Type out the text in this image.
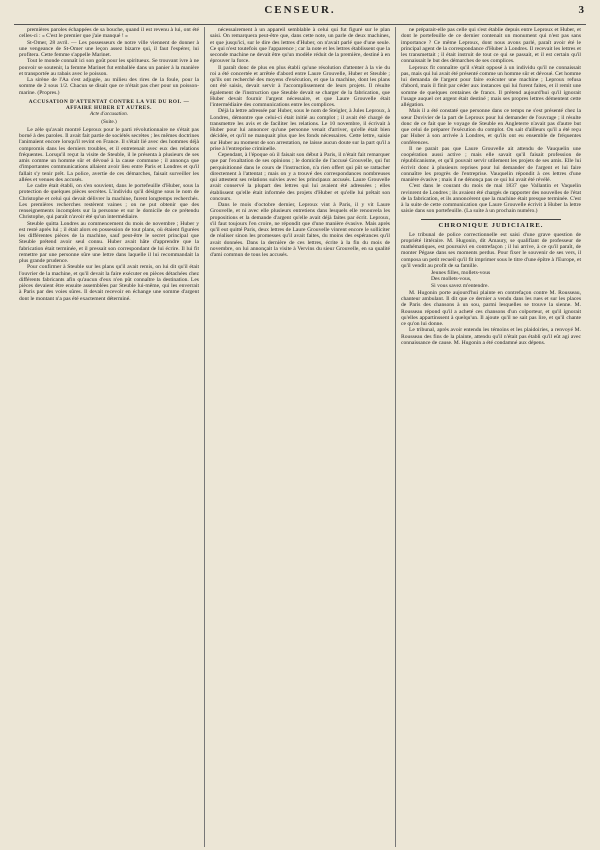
CENSEUR.	3

premières paroles échappées de sa bouche, quand il est revenu à lui, ont été celles-ci : « C'est le premier que j'aie manqué ! »

St-Omer, 28 avril. — Les possesseurs de notre ville viennent de donner à une vengeance de St-Omer une leçon assez bizarre qui, il faut l'espérer, lui profitera. Cette femme s'appelle Marinet.

Tout le monde connaît ici son goût pour les spiritueux. Se trouvant ivre à ne pouvoir se soutenir, la femme Marinet fut emballée dans un panier à la manière et transportée au rabais avec le poisson.

La sirène de l'Aa s'est adjugée, au milieu des rires de la foule, pour la somme de 2 sous 1/2. Chacun se disait que ce n'était pas cher pour un poisson-marine. (Propres.)

ACCUSATION D'ATTENTAT CONTRE LA VIE DU ROI. — AFFAIRE HUBER ET AUTRES.
Acte d'accusation.
(Suite.)

Le zèle qu'avait montré Leproux pour le parti révolutionnaire ne s'était pas borné à des paroles. Il avait fait partie de sociétés secrètes ; les mêmes doctrines l'animaient encore lorsqu'il revint en France. Il s'était lié avec des hommes déjà compromis dans les derniers troubles, et il entretenait avec eux des relations fréquentes. Lorsqu'il reçut la visite de Steuble, il le présenta à plusieurs de ses amis comme un homme sûr et dévoué à la cause commune ; il annonça que d'importantes communications allaient avoir lieu entre Paris et Londres et qu'il fallait s'y tenir prêt. La police, avertie de ces démarches, faisait surveiller les allées et venues des accusés.

Le cadre était établi, on s'en souvient, dans le portefeuille d'Huber, sous la protection de quelques pièces secrètes. L'individu qu'il désigne sous le nom de Christophe et celui qui devait délivrer la machine, furent longtemps recherchés. Les premières recherches restèrent vaines ; on ne put obtenir que des renseignements incomplets sur la personne et sur le domicile de ce prétendu Christophe, qui paraît n'avoir été qu'un intermédiaire.

Steuble quitta Londres au commencement du mois de novembre ; Huber y est resté après lui ; il était alors en possession de tout plans, où étaient figurées les différentes pièces de la machine, sauf peut-être le secret principal que Steuble prétend avoir seul connu. Huber avait hâte d'apprendre que la fabrication était terminée, et il pressait son correspondant de lui écrire. Il lui fit remettre par une personne sûre une lettre dans laquelle il lui recommandait la plus grande prudence.

Pour confirmer à Steuble sur les plans qu'il avait remis, on lui dit qu'il était l'ouvrier de la machine, et qu'il devait la faire exécuter en pièces détachées chez différents fabricants afin qu'aucun d'eux n'en pût connaître la destination. Les pièces devaient être ensuite assemblées par Steuble lui-même, qui les enverrait à Paris par des voies sûres. Il devait recevoir en échange une somme d'argent dont le montant n'a pas été exactement déterminé.

nécessairement à un appareil semblable à celui qui fut figuré sur le plan saisi. On remarquera peut-être que, dans cette note, un parle de deux machines, et que jusqu'ici, sur le dire des lettres d'Huber, on n'avait parlé que d'une seule. Ce qui n'est toutefois que l'apparence ; car la note et les lettres établissent que la seconde machine ne devait être qu'un modèle réduit de la première, destiné à en éprouver la force.

Il paraît donc de plus en plus établi qu'une résolution d'attenter à la vie du roi a été concertée et arrêtée d'abord entre Laure Grouvelle, Huber et Steuble ; qu'ils ont recherché des moyens d'exécution, et que la machine, dont les plans ont été saisis, devait servir à l'accomplissement de leurs projets. Il résulte également de l'instruction que Steuble devait se charger de la fabrication, que Huber devait fournir l'argent nécessaire, et que Laure Grouvelle était l'intermédiaire des communications entre les complices.

Déjà la lettre adressée par Huber, sous le nom de Steigler, à Jules Leproux, à Londres, démontre que celui-ci était initié au complot ; il avait été chargé de transmettre les avis et de faciliter les relations. Le 10 novembre, il écrivait à Huber pour lui annoncer qu'une personne venait d'arriver, qu'elle était bien décidée, et qu'il ne manquait plus que les fonds nécessaires. Cette lettre, saisie sur Huber au moment de son arrestation, ne laisse aucun doute sur la part qu'il a prise à l'entreprise criminelle.

Cependant, à l'époque où il faisait son début à Paris, il n'était fait remarquer que par l'exaltation de ses opinions ; le domicile de l'accusé Grouvelle, qui fut perquisitionné dans le cours de l'instruction, n'a rien offert qui pût se rattacher directement à l'attentat ; mais on y a trouvé des correspondances nombreuses qui attestent ses relations suivies avec les principaux accusés. Laure Grouvelle avait conservé la plupart des lettres qui lui avaient été adressées ; elles établissent qu'elle était informée des projets d'Huber et qu'elle lui prêtait son concours.

Dans le mois d'octobre dernier, Leproux vint à Paris, il y vit Laure Grouvelle, et ni avec elle plusieurs entretiens dans lesquels elle renouvela les propositions et la demande d'argent qu'elle avait déjà faites par écrit. Leproux, s'il faut toujours l'en croire, ne répondit que d'une manière évasive. Mais après qu'il eut quitté Paris, deux lettres de Laure Grouvelle vinrent encore le solliciter de réaliser sinon les promesses qu'il avait faites, du moins des espérances qu'il avait données. Dans la dernière de ces lettres, écrite à la fin du mois de novembre, on lui annonçait la visite à Vervins du sieur Grouvelle, en sa qualité d'ami commun de tous les accusés.

ne préparait-elle pas celle qui s'est établie depuis entre Leproux et Huber, et dont le portefeuille de ce dernier contenait un monument qui n'est pas sans importance ? Ce même Leproux, dont nous avons parlé, paraît avoir été le principal agent de la correspondance d'Huber à Londres. Il recevait les lettres et les transmettait ; il était instruit de tout ce qui se passait, et il est certain qu'il connaissait le but des démarches de ses complices.

Leproux fit connaître qu'il s'était opposé à un individu qu'il ne connaissait pas, mais qui lui avait été présenté comme un homme sûr et dévoué. Cet homme lui demanda de l'argent pour faire exécuter une machine ; Leproux refusa d'abord, mais il finit par céder aux instances qui lui furent faites, et il remit une somme de quelques centaines de francs. Il prétend aujourd'hui qu'il ignorait l'usage auquel cet argent était destiné ; mais ses propres lettres démentent cette allégation.

Mais il a été constaté que personne dans ce temps ne s'est présenté chez la sœur Duvivier de la part de Leproux pour lui demander de l'ouvrage ; il résulte donc de ce fait que le voyage de Steuble en Angleterre n'avait pas d'autre but que celui de préparer l'exécution du complot. On sait d'ailleurs qu'il a été reçu par Huber à son arrivée à Londres, et qu'ils ont eu ensemble de fréquentes conférences.

Il ne parait pas que Laure Grouvelle ait attendu de Vauquelin une coopération aussi active ; mais elle savait qu'il faisait profession de républicanisme, et qu'il pouvait servir utilement les projets de ses amis. Elle lui écrivit donc à plusieurs reprises pour lui demander de l'argent et lui faire connaître les progrès de l'entreprise. Vauquelin répondit à ces lettres d'une manière évasive ; mais il ne dénonça pas ce qui lui avait été révélé.

C'est dans le courant du mois de mai 1837 que Vallantin et Vaquelin revinrent de Londres ; ils avaient été chargés de rapporter des nouvelles de l'état de la fabrication, et ils annoncèrent que la machine était presque terminée. C'est à la suite de cette communication que Laure Grouvelle écrivit à Huber la lettre saisie dans son portefeuille. (La suite à un prochain numéro.)

CHRONIQUE JUDICIAIRE.

Le tribunal de police correctionnelle est saisi d'une grave question de propriété littéraire. M. Hugonin, dit Amaury, se qualifiant de professeur de mathématiques, est poursuivi en contrefaçon ; il lui arrive, à ce qu'il paraît, de monter Pégase dans ses moments perdus. Pour fixer le souvenir de ses vers, il composa un petit recueil qu'il fit imprimer sous le titre d'une épître à l'Europe, et qu'il vendit au profit de sa famille.

Jeunes filles, mollets-vous
Des mollets-vous,
Si vous savez m'entendre.

M. Hugonin porte aujourd'hui plainte en contrefaçon contre M. Rousseau, chanteur ambulant. Il dit que ce dernier a vendu dans les rues et sur les places de Paris des chansons à un sou, parmi lesquelles se trouve la sienne. M. Rousseau répond qu'il a acheté ces chansons d'un colporteur, et qu'il ignorait qu'elles appartinssent à quelqu'un. Il ajoute qu'il ne sait pas lire, et qu'il chante ce qu'on lui donne.

Le tribunal, après avoir entendu les témoins et les plaidoiries, a renvoyé M. Rousseau des fins de la plainte, attendu qu'il n'était pas établi qu'il eût agi avec connaissance de cause. M. Hugonin a été condamné aux dépens.
